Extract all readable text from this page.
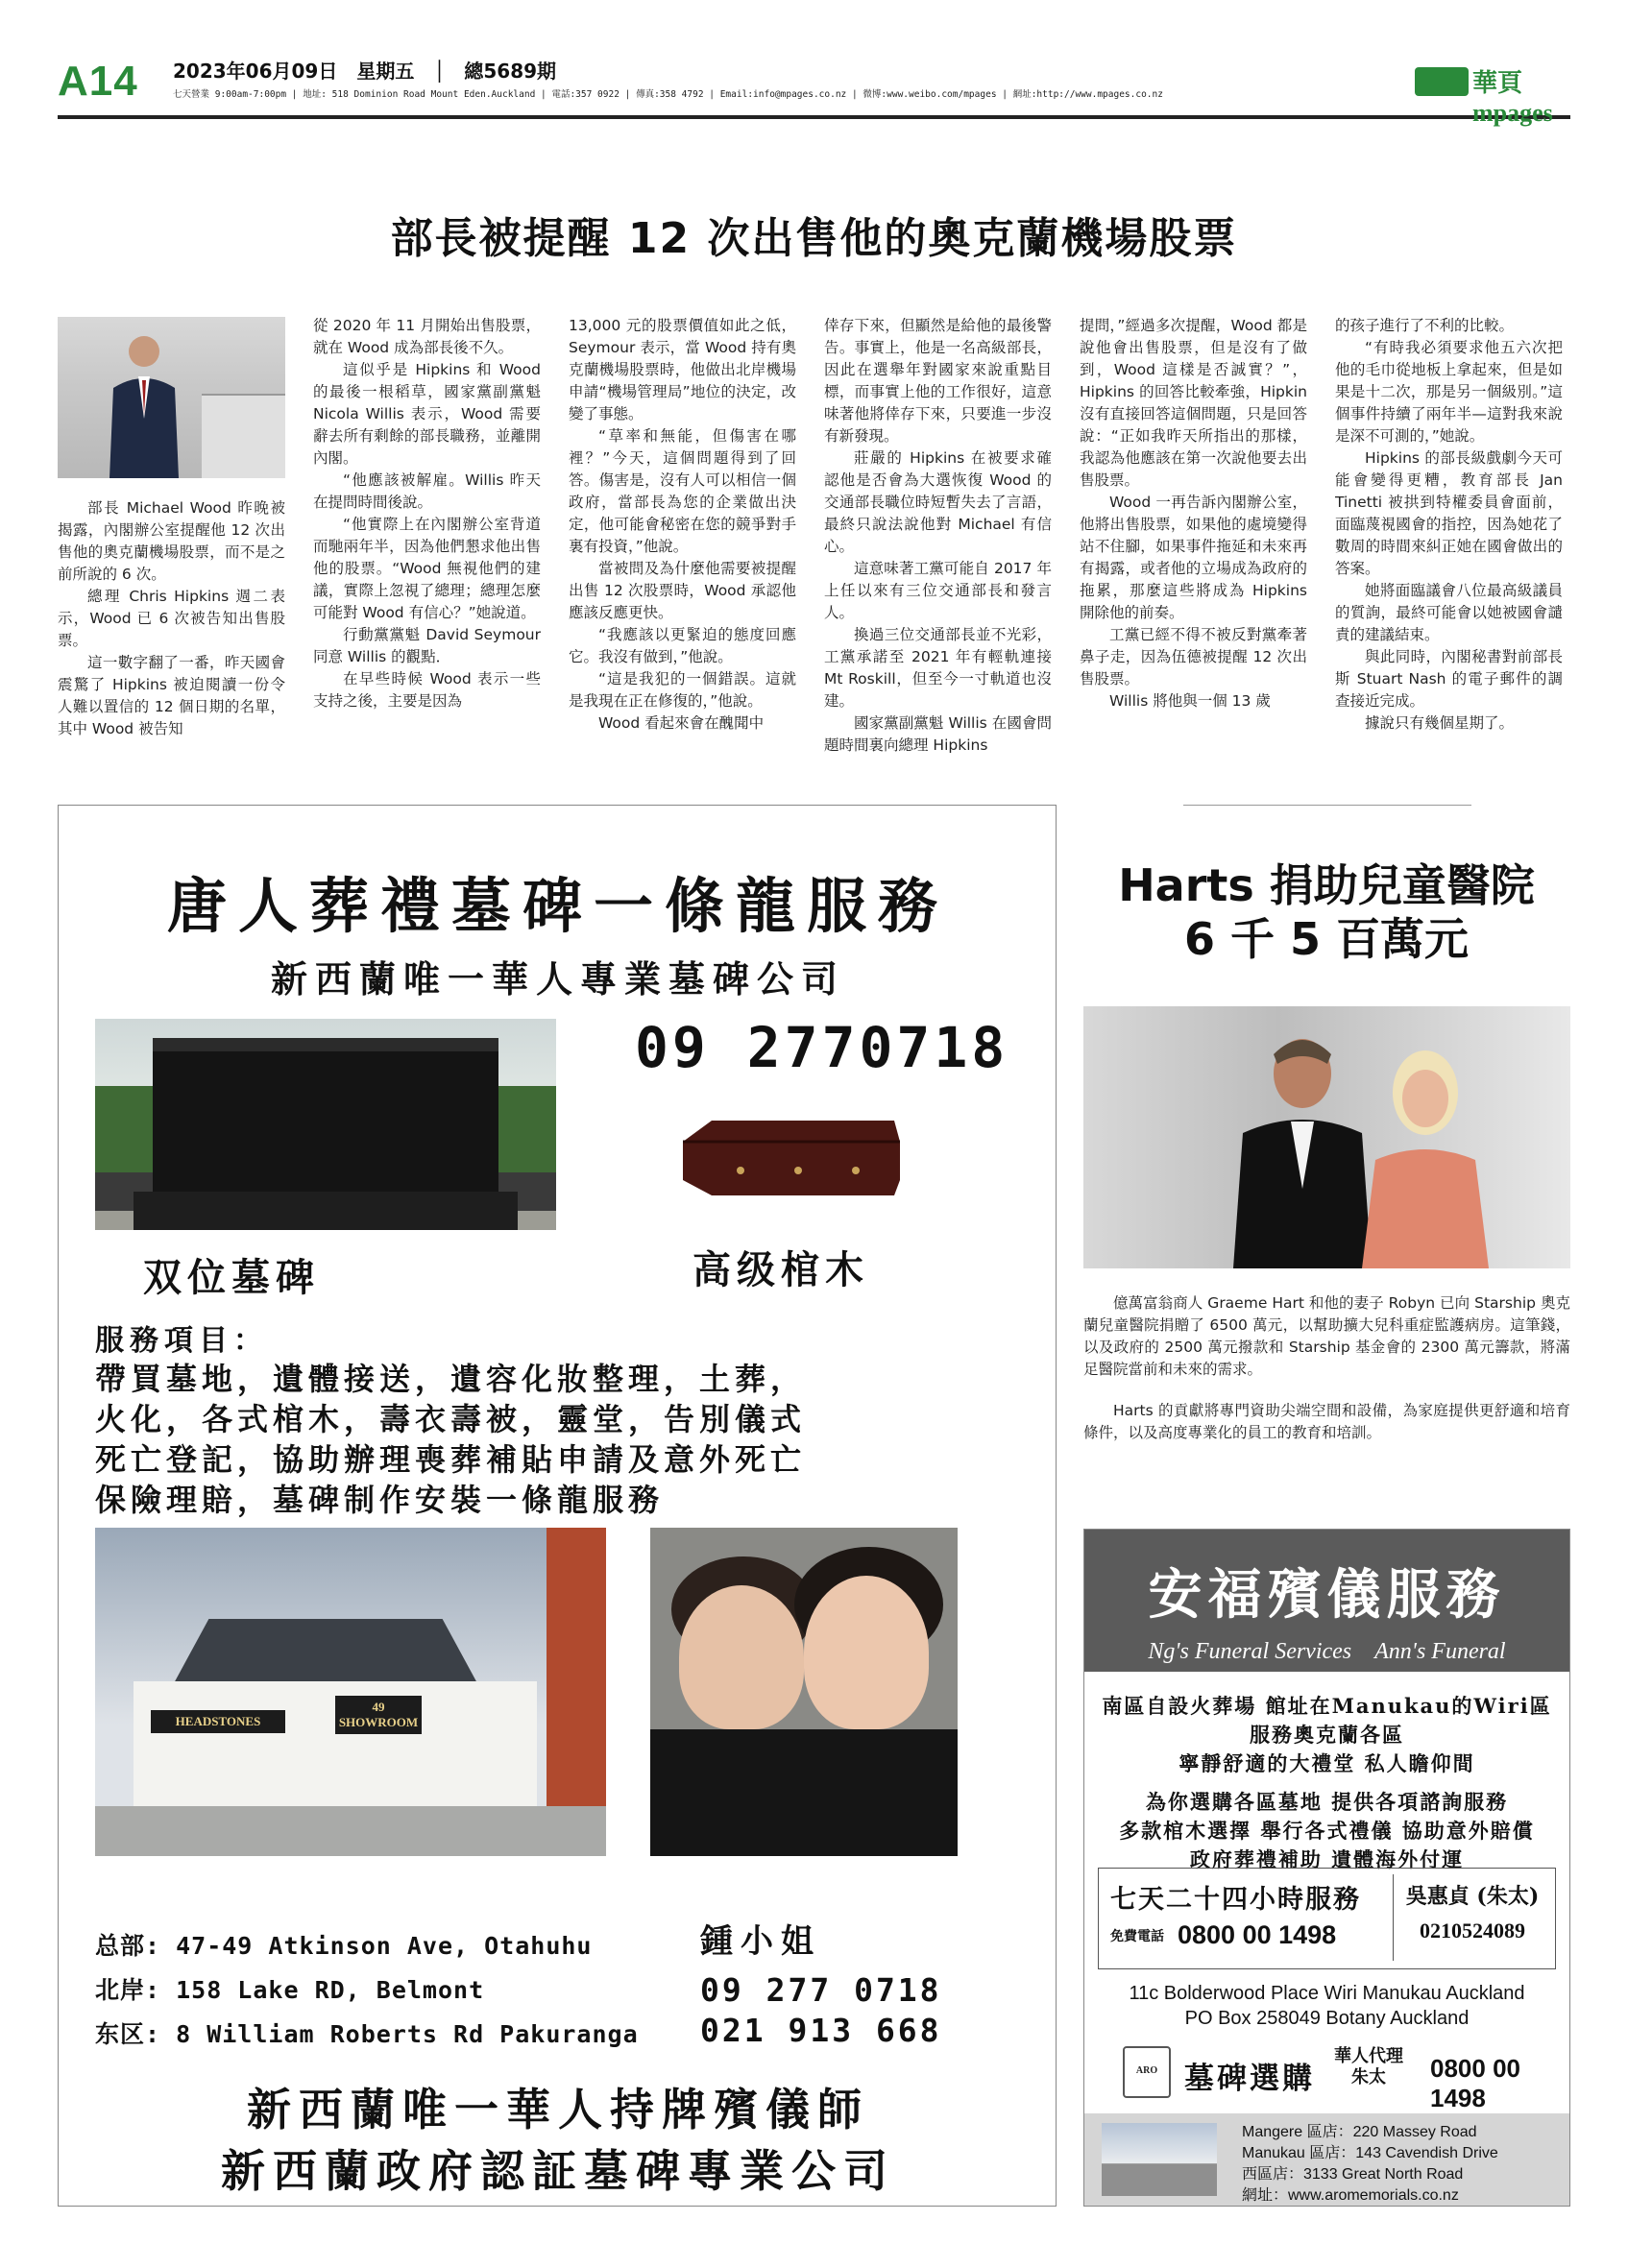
A14 2023年06月09日　星期五　│　總5689期
七天營業 9:00am-7:00pm | 地址: 518 Dominion Road Mount Eden.Auckland | 電話:357 0922 | 傳真:358 4792 | Email:info@mpages.co.nz | 微博:www.weibo.com/mpages | 網址:http://www.mpages.co.nz	華頁mpages
部長被提醒 12 次出售他的奧克蘭機場股票

部長 Michael Wood 昨晚被揭露，內閣辦公室提醒他 12 次出售他的奧克蘭機場股票，而不是之前所說的 6 次。

總理 Chris Hipkins 週二表示，Wood 已 6 次被告知出售股票。

這一數字翻了一番，昨天國會震驚了 Hipkins 被迫閱讀一份令人難以置信的 12 個日期的名單，其中 Wood 被告知

從 2020 年 11 月開始出售股票，就在 Wood 成為部長後不久。

這似乎是 Hipkins 和 Wood 的最後一根稻草，國家黨副黨魁 Nicola Willis 表示，Wood 需要辭去所有剩餘的部長職務，並離開內閣。

“他應該被解雇。Willis 昨天在提問時間後說。

“他實際上在內閣辦公室背道而馳兩年半，因為他們懇求他出售他的股票。“Wood 無視他們的建議，實際上忽視了總理；總理怎麼可能對 Wood 有信心？”她說道。

行動黨黨魁 David Seymour 同意 Willis 的觀點．

在早些時候 Wood 表示一些支持之後，主要是因為

13,000 元的股票價值如此之低，Seymour 表示，當 Wood 持有奧克蘭機場股票時，他做出北岸機場申請“機場管理局”地位的決定，改變了事態。

“草率和無能，但傷害在哪裡？”今天，這個問題得到了回答。傷害是，沒有人可以相信一個政府，當部長為您的企業做出決定，他可能會秘密在您的競爭對手裏有投資，”他說。

當被問及為什麼他需要被提醒出售 12 次股票時，Wood 承認他應該反應更快。

“我應該以更緊迫的態度回應它。我沒有做到，”他說。

“這是我犯的一個錯誤。這就是我現在正在修復的，”他說。

Wood 看起來會在醜聞中

倖存下來，但顯然是給他的最後警告。事實上，他是一名高級部長，因此在選舉年對國家來說重點目標，而事實上他的工作很好，這意味著他將倖存下來，只要進一步沒有新發現。

莊嚴的 Hipkins 在被要求確認他是否會為大選恢復 Wood 的交通部長職位時短暫失去了言語，最終只說法說他對 Michael 有信心。

這意味著工黨可能自 2017 年上任以來有三位交通部長和發言人。

換過三位交通部長並不光彩，工黨承諾至 2021 年有輕軌連接 Mt Roskill，但至今一寸軌道也沒建。

國家黨副黨魁 Willis 在國會問題時間裏向總理 Hipkins

提問，”經過多次提醒，Wood 都是說他會出售股票，但是沒有了做到，Wood 這樣是否誠實？”，Hipkins 的回答比較牽強，Hipkin 沒有直接回答這個問題，只是回答說：“正如我昨天所指出的那樣，我認為他應該在第一次說他要去出售股票。

Wood 一再告訴內閣辦公室，他將出售股票，如果他的處境變得站不住腳，如果事件拖延和未來再有揭露，或者他的立場成為政府的拖累，那麼這些將成為 Hipkins 開除他的前奏。

工黨已經不得不被反對黨牽著鼻子走，因為伍德被提醒 12 次出售股票。

Willis 將他與一個 13 歲

的孩子進行了不利的比較。

“有時我必須要求他五六次把他的毛巾從地板上拿起來，但是如果是十二次，那是另一個級別。”這個事件持續了兩年半—這對我來說是深不可測的，”她說。

Hipkins 的部長級戲劇今天可能會變得更糟，教育部長 Jan Tinetti 被拱到特權委員會面前，面臨蔑視國會的指控，因為她花了數周的時間來糾正她在國會做出的答案。

她將面臨議會八位最高級議員的質詢，最終可能會以她被國會譴責的建議結束。

與此同時，內閣秘書對前部長斯 Stuart Nash 的電子郵件的調查接近完成。

據說只有幾個星期了。

唐人葬禮墓碑一條龍服務
新西蘭唯一華人專業墓碑公司
09 2770718
双位墓碑	高级棺木
服務項目：
帶買墓地，遺體接送，遺容化妝整理，土葬，
火化，各式棺木，壽衣壽被，靈堂，告別儀式
死亡登記，協助辦理喪葬補貼申請及意外死亡
保險理賠，墓碑制作安裝一條龍服務
HEADSTONES
49 SHOWROOM
总部: 47-49 Atkinson Ave, Otahuhu
北岸: 158 Lake RD, Belmont
东区: 8 William Roberts Rd Pakuranga
鍾小姐
09 277 0718
021 913 668
新西蘭唯一華人持牌殯儀師
新西蘭政府認証墓碑專業公司
Harts 捐助兒童醫院
6 千 5 百萬元

億萬富翁商人 Graeme Hart 和他的妻子 Robyn 已向 Starship 奧克蘭兒童醫院捐贈了 6500 萬元，以幫助擴大兒科重症監護病房。這筆錢，以及政府的 2500 萬元撥款和 Starship 基金會的 2300 萬元籌款，將滿足醫院當前和未來的需求。

Harts 的貢獻將專門資助尖端空間和設備，為家庭提供更舒適和培育條件，以及高度專業化的員工的教育和培訓。

安福殯儀服務
Ng's Funeral Services　Ann's Funeral
南區自設火葬場 館址在Manukau的Wiri區
服務奧克蘭各區
寧靜舒適的大禮堂 私人瞻仰間
為你選購各區墓地 提供各項諮詢服務
多款棺木選擇 舉行各式禮儀 協助意外賠償
政府葬禮補助 遺體海外付運
七天二十四小時服務
免費電話 0800 00 1498
吳惠貞 (朱太)
0210524089
11c Bolderwood Place Wiri Manukau Auckland
PO Box 258049 Botany Auckland
ARO 墓碑選購
華人代理
朱太	0800 00 1498
Mangere 區店：220 Massey Road
Manukau 區店：143 Cavendish Drive
西區店：3133 Great North Road
網址：www.aromemorials.co.nz
